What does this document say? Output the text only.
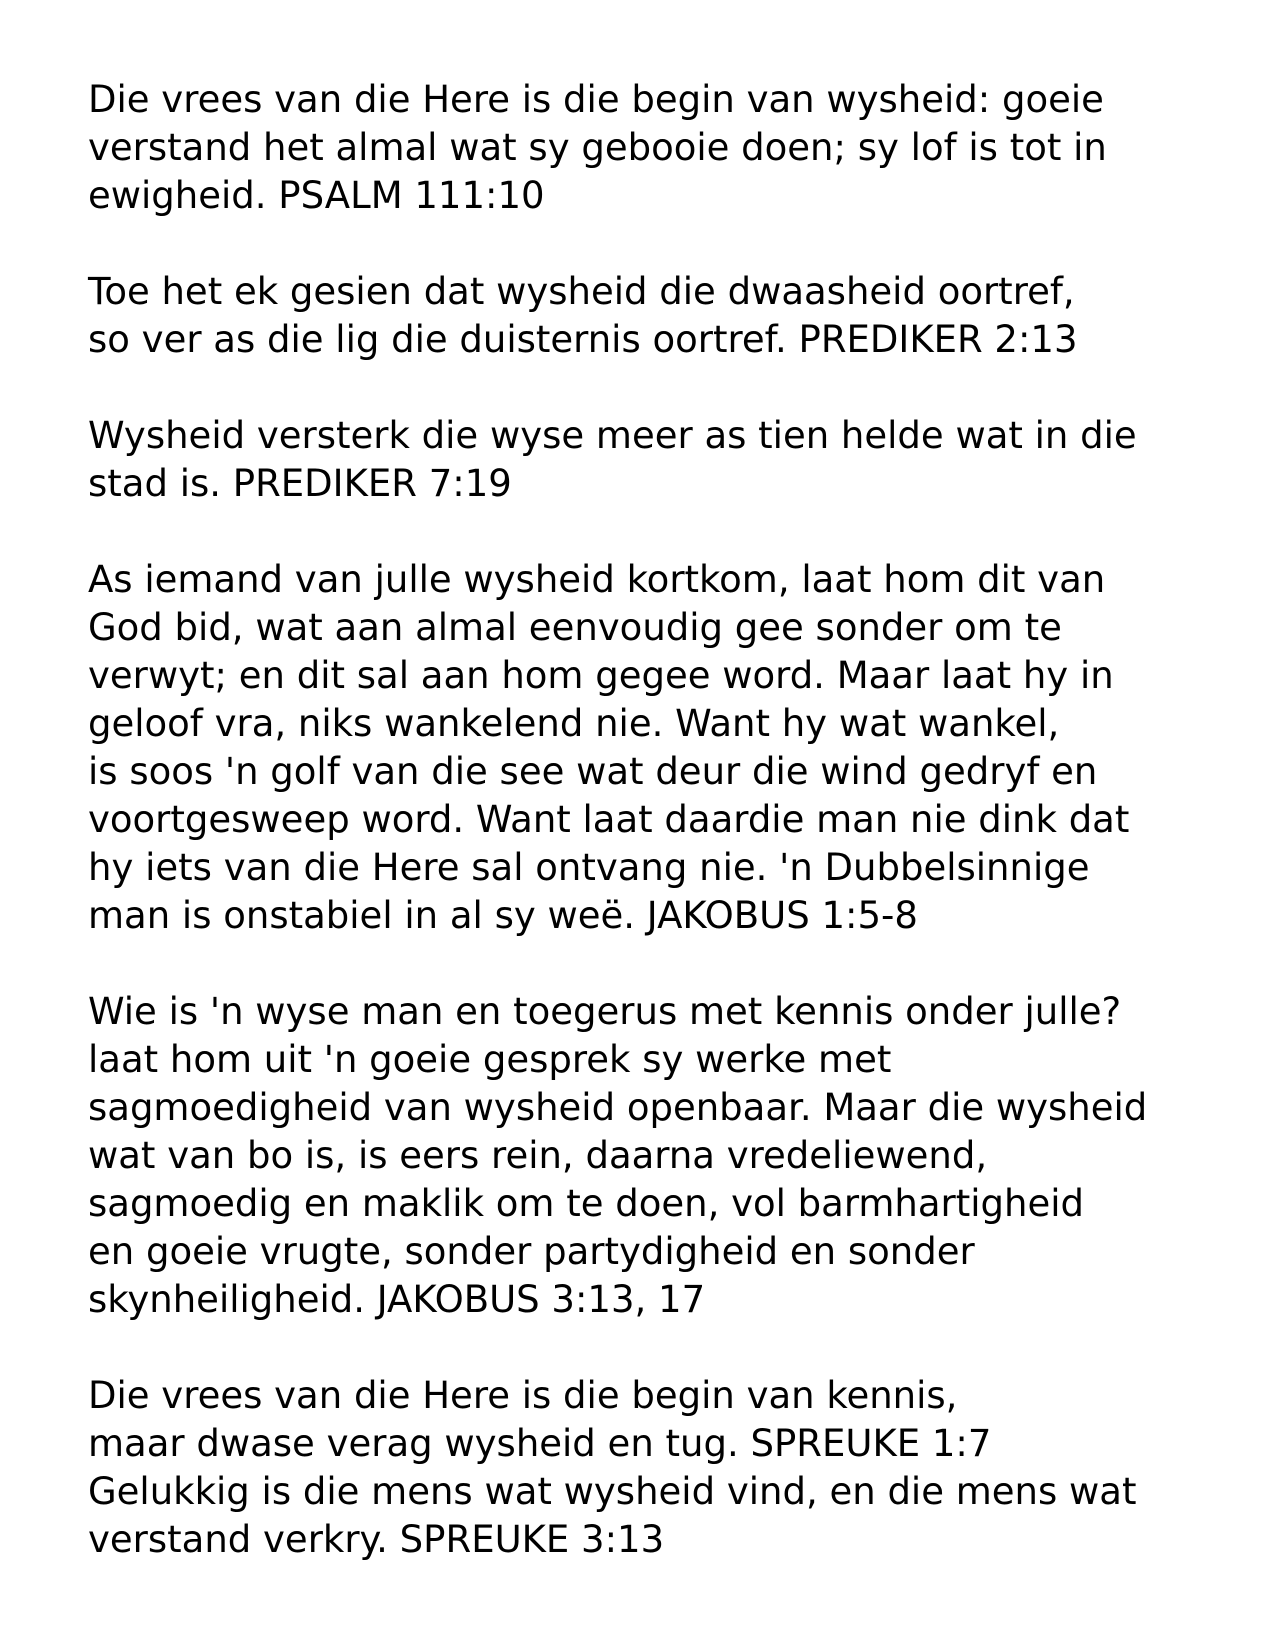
Die vrees van die Here is die begin van wysheid: goeie
verstand het almal wat sy gebooie doen; sy lof is tot in
ewigheid. PSALM 111:10
Toe het ek gesien dat wysheid die dwaasheid oortref,
so ver as die lig die duisternis oortref. PREDIKER 2:13
Wysheid versterk die wyse meer as tien helde wat in die
stad is. PREDIKER 7:19
As iemand van julle wysheid kortkom, laat hom dit van
God bid, wat aan almal eenvoudig gee sonder om te
verwyt; en dit sal aan hom gegee word. Maar laat hy in
geloof vra, niks wankelend nie. Want hy wat wankel,
is soos 'n golf van die see wat deur die wind gedryf en
voortgesweep word. Want laat daardie man nie dink dat
hy iets van die Here sal ontvang nie. 'n Dubbelsinnige
man is onstabiel in al sy weë. JAKOBUS 1:5-8
Wie is 'n wyse man en toegerus met kennis onder julle?
laat hom uit 'n goeie gesprek sy werke met
sagmoedigheid van wysheid openbaar. Maar die wysheid
wat van bo is, is eers rein, daarna vredeliewend,
sagmoedig en maklik om te doen, vol barmhartigheid
en goeie vrugte, sonder partydigheid en sonder
skynheiligheid. JAKOBUS 3:13, 17
Die vrees van die Here is die begin van kennis,
maar dwase verag wysheid en tug. SPREUKE 1:7
Gelukkig is die mens wat wysheid vind, en die mens wat
verstand verkry. SPREUKE 3:13
